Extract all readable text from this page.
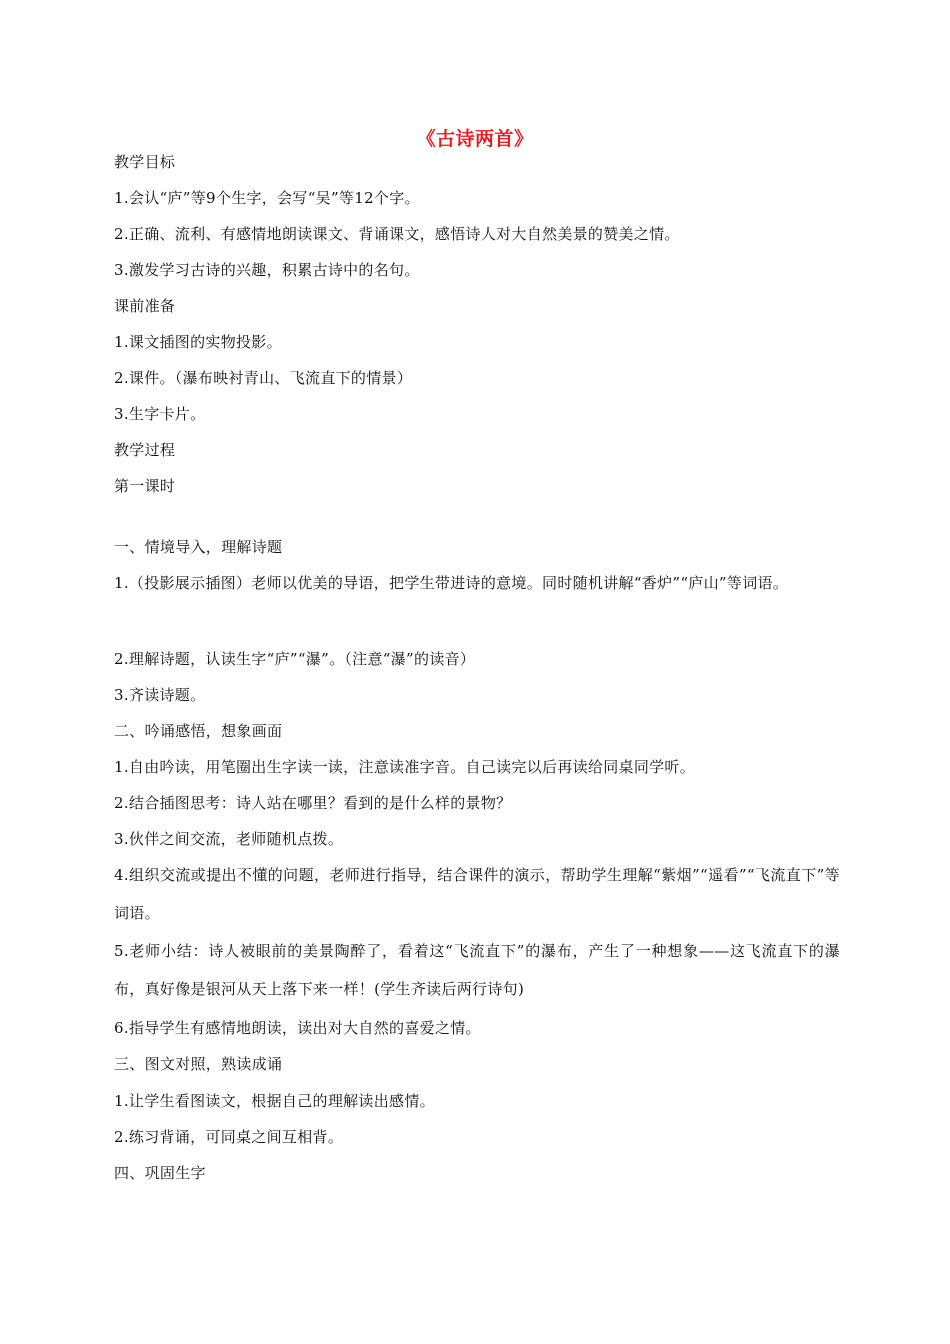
《古诗两首》
教学目标
1.会认“庐”等9个生字，会写“吴”等12个字。
2.正确、流利、有感情地朗读课文、背诵课文，感悟诗人对大自然美景的赞美之情。
3.激发学习古诗的兴趣，积累古诗中的名句。
课前准备
1.课文插图的实物投影。
2.课件。（瀑布映衬青山、飞流直下的情景）
3.生字卡片。
教学过程
第一课时
一、情境导入，理解诗题
1.（投影展示插图）老师以优美的导语，把学生带进诗的意境。同时随机讲解“香炉”“庐山”等词语。
2.理解诗题，认读生字“庐”“瀑”。（注意“瀑”的读音）
3.齐读诗题。
二、吟诵感悟，想象画面
1.自由吟读，用笔圈出生字读一读，注意读准字音。自己读完以后再读给同桌同学听。
2.结合插图思考：诗人站在哪里？看到的是什么样的景物？
3.伙伴之间交流，老师随机点拨。
4.组织交流或提出不懂的问题，老师进行指导，结合课件的演示，帮助学生理解“紫烟”“遥看”“飞流直下”等词语。
5.老师小结：诗人被眼前的美景陶醉了，看着这“飞流直下”的瀑布，产生了一种想象——这飞流直下的瀑布，真好像是银河从天上落下来一样！(学生齐读后两行诗句)
6.指导学生有感情地朗读，读出对大自然的喜爱之情。
三、图文对照，熟读成诵
1.让学生看图读文，根据自己的理解读出感情。
2.练习背诵，可同桌之间互相背。
四、巩固生字
